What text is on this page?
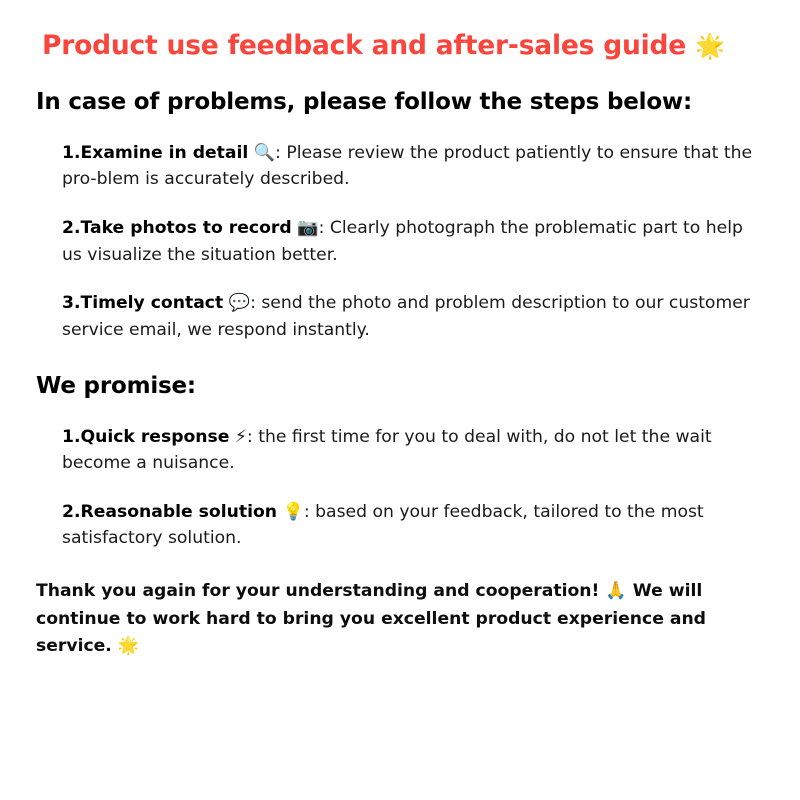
Product use feedback and after-sales guide 🌟
In case of problems, please follow the steps below:

1.Examine in detail 🔍: Please review the product patiently to ensure that the pro-blem is accurately described.

2.Take photos to record 📷: Clearly photograph the problematic part to help us visualize the situation better.

3.Timely contact 💬: send the photo and problem description to our customer service email, we respond instantly.

We promise:

1.Quick response ⚡: the first time for you to deal with, do not let the wait become a nuisance.

2.Reasonable solution 💡: based on your feedback, tailored to the most satisfactory solution.

Thank you again for your understanding and cooperation! 🙏 We will continue to work hard to bring you excellent product experience and service. 🌟
